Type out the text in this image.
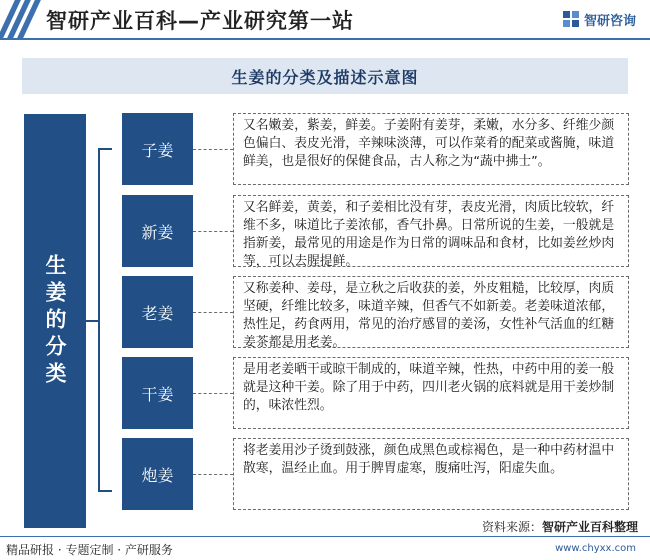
智研产业百科—产业研究第一站	智研咨询
生姜的分类及描述示意图
生姜的分类
子姜
又名嫩姜，紫姜，鲜姜。子姜附有姜芽，柔嫩，水分多、纤维少颜色偏白、表皮光滑，辛辣味淡薄，可以作菜肴的配菜或酱腌，味道鲜美，也是很好的保健食品，古人称之为“蔬中拂士”。
新姜
又名鲜姜，黄姜，和子姜相比没有芽，表皮光滑，肉质比较软，纤维不多，味道比子姜浓郁，香气扑鼻。日常所说的生姜，一般就是指新姜，最常见的用途是作为日常的调味品和食材，比如姜丝炒肉等，可以去腥提鲜。
老姜
又称姜种、姜母，是立秋之后收获的姜，外皮粗糙，比较厚，肉质坚硬，纤维比较多，味道辛辣，但香气不如新姜。老姜味道浓郁，热性足，药食两用，常见的治疗感冒的姜汤，女性补气活血的红糖姜茶都是用老姜。
干姜
是用老姜晒干或晾干制成的，味道辛辣，性热，中药中用的姜一般就是这种干姜。除了用于中药，四川老火锅的底料就是用干姜炒制的，味浓性烈。
炮姜
将老姜用沙子烫到鼓涨，颜色成黑色或棕褐色，是一种中药材温中散寒，温经止血。用于脾胃虚寒，腹痛吐泻，阳虚失血。
资料来源：智研产业百科整理
精品研报 · 专题定制 · 产研服务	www.chyxx.com
